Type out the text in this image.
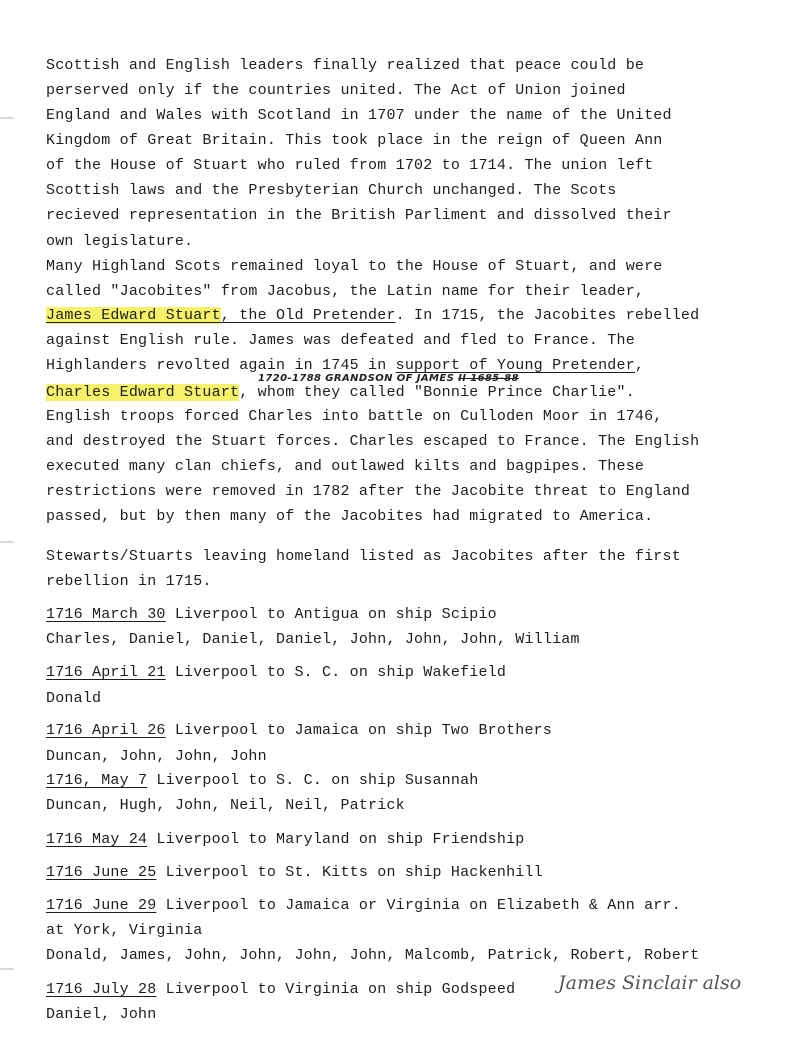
Scottish and English leaders finally realized that peace could be
perserved only if the countries united. The Act of Union joined
England and Wales with Scotland in 1707 under the name of the United
Kingdom of Great Britain. This took place in the reign of Queen Ann
of the House of Stuart who ruled from 1702 to 1714. The union left
Scottish laws and the Presbyterian Church unchanged. The Scots
recieved representation in the British Parliment and dissolved their
own legislature.
Many Highland Scots remained loyal to the House of Stuart, and were
called "Jacobites" from Jacobus, the Latin name for their leader,
James Edward Stuart, the Old Pretender. In 1715, the Jacobites rebelled
against English rule. James was defeated and fled to France. The
Highlanders revolted again in 1745 in support of Young Pretender,
1720-1788 GRANDSON OF JAMES II 1685-88
Charles Edward Stuart, whom they called "Bonnie Prince Charlie".
English troops forced Charles into battle on Culloden Moor in 1746,
and destroyed the Stuart forces. Charles escaped to France. The English
executed many clan chiefs, and outlawed kilts and bagpipes. These
restrictions were removed in 1782 after the Jacobite threat to England
passed, but by then many of the Jacobites had migrated to America.
Stewarts/Stuarts leaving homeland listed as Jacobites after the first
rebellion in 1715.
1716 March 30 Liverpool to Antigua on ship Scipio
Charles, Daniel, Daniel, Daniel, John, John, John, William
1716 April 21 Liverpool to S. C. on ship Wakefield
Donald
1716 April 26 Liverpool to Jamaica on ship Two Brothers
Duncan, John, John, John
1716, May 7 Liverpool to S. C. on ship Susannah
Duncan, Hugh, John, Neil, Neil, Patrick
1716 May 24 Liverpool to Maryland on ship Friendship
1716 June 25 Liverpool to St. Kitts on ship Hackenhill
1716 June 29 Liverpool to Jamaica or Virginia on Elizabeth & Ann arr.
at York, Virginia
Donald, James, John, John, John, John, Malcomb, Patrick, Robert, Robert
1716 July 28 Liverpool to Virginia on ship Godspeed James Sinclair also
Daniel, John
